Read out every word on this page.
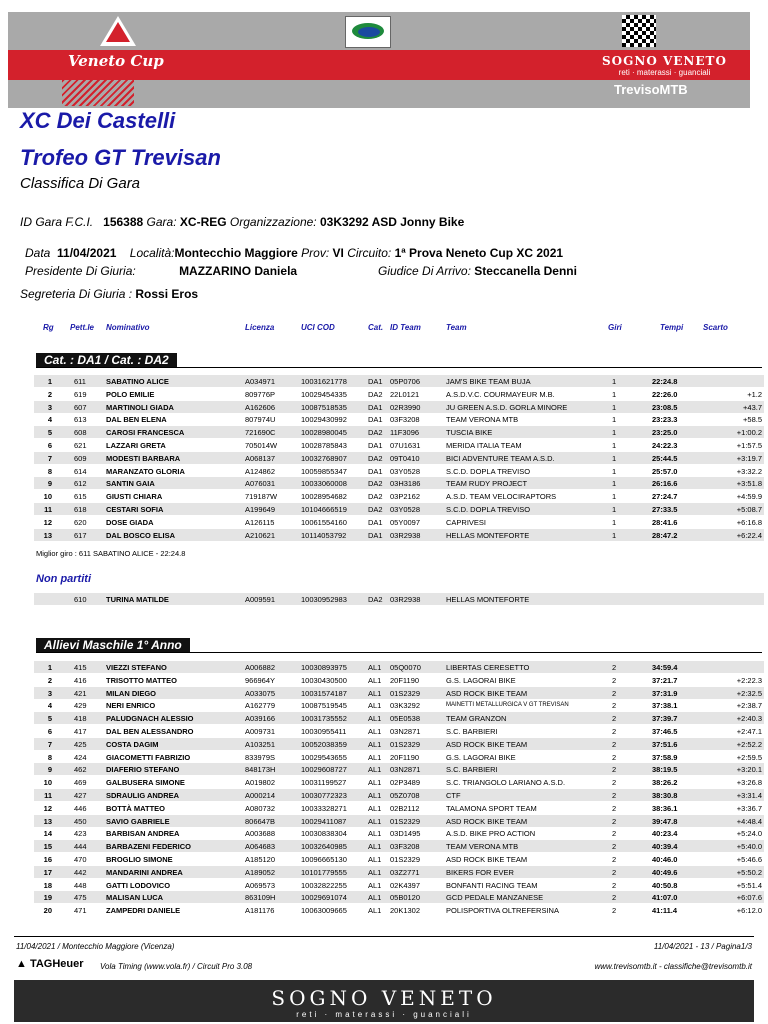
Veneto Cup	SOGNO VENETO
reti · materassi · guanciali
TrevisoMTB
XC Dei Castelli
Trofeo GT Trevisan
Classifica Di Gara
ID Gara F.C.I. 156388 Gara: XC-REG Organizzazione: 03K3292 ASD Jonny Bike
Data 11/04/2021 Località:Montecchio Maggiore Prov: VI Circuito: 1ª Prova Neneto Cup XC 2021
Presidente Di Giuria:	MAZZARINO Daniela	Giudice Di Arrivo: Steccanella Denni
Segreteria Di Giuria : Rossi Eros
Rg Pett.le Nominativo	Licenza	UCI COD	Cat. ID Team	Team	Giri	Tempi Scarto
Cat. : DA1 / Cat. : DA2
1	611	SABATINO ALICE	A034971	10031621778	DA1 05P0706	JAM'S BIKE TEAM BUJA	1	22:24.8
2	619	POLO EMILIE	809776P	10029454335	DA2 22L0121	A.S.D.V.C. COURMAYEUR M.B.	1	22:26.0	+1.2
3	607	MARTINOLI GIADA	A162606	10087518535	DA1 02R3990	JU GREEN A.S.D. GORLA MINORE	1	23:08.5	+43.7
4	613	DAL BEN ELENA	807974U	10029430992	DA1 03F3208	TEAM VERONA MTB	1	23:23.3	+58.5
5	608	CAROSI FRANCESCA	721690C	10028980045	DA2 11F3096	TUSCIA BIKE	1	23:25.0	+1:00.2
6	621	LAZZARI GRETA	705014W	10028785843	DA1 07U1631	MERIDA ITALIA TEAM	1	24:22.3	+1:57.5
7	609	MODESTI BARBARA	A068137	10032768907	DA2 09T0410	BICI ADVENTURE TEAM A.S.D.	1	25:44.5	+3:19.7
8	614	MARANZATO GLORIA	A124862	10059855347	DA1 03Y0528	S.C.D. DOPLA TREVISO	1	25:57.0	+3:32.2
9	612	SANTIN GAIA	A076031	10033060008	DA2 03H3186	TEAM RUDY PROJECT	1	26:16.6	+3:51.8
10	615	GIUSTI CHIARA	719187W	10028954682	DA2 03P2162	A.S.D. TEAM VELOCIRAPTORS	1	27:24.7	+4:59.9
11	618	CESTARI SOFIA	A199649	10104666519	DA2 03Y0528	S.C.D. DOPLA TREVISO	1	27:33.5	+5:08.7
12	620	DOSE GIADA	A126115	10061554160	DA1 05Y0097	CAPRIVESI	1	28:41.6	+6:16.8
13	617	DAL BOSCO ELISA	A210621	10114053792	DA1 03R2938	HELLAS MONTEFORTE	1	28:47.2	+6:22.4
Miglior giro : 611 SABATINO ALICE - 22:24.8
Non partiti
610	TURINA MATILDE	A009591	10030952983	DA2 03R2938	HELLAS MONTEFORTE
Allievi Maschile 1° Anno
1	415	VIEZZI STEFANO	A006882	10030893975	AL1 05Q0070	LIBERTAS CERESETTO	2	34:59.4
2	416	TRISOTTO MATTEO	966964Y	10030430500	AL1 20F1190	G.S. LAGORAI BIKE	2	37:21.7	+2:22.3
3	421	MILAN DIEGO	A033075	10031574187	AL1 01S2329	ASD ROCK BIKE TEAM	2	37:31.9	+2:32.5
4	429	NERI ENRICO	A162779	10087519545	AL1 03K3292	MAINETTI METALLURGICA V GT TREVISAN	2	37:38.1	+2:38.7
5	418	PALUDGNACH ALESSIO	A039166	10031735552	AL1 05E0538	TEAM GRANZON	2	37:39.7	+2:40.3
6	417	DAL BEN ALESSANDRO	A009731	10030955411	AL1 03N2871	S.C. BARBIERI	2	37:46.5	+2:47.1
7	425	COSTA DAGIM	A103251	10052038359	AL1 01S2329	ASD ROCK BIKE TEAM	2	37:51.6	+2:52.2
8	424	GIACOMETTI FABRIZIO	833979S	10029543655	AL1 20F1190	G.S. LAGORAI BIKE	2	37:58.9	+2:59.5
9	462	DIAFERIO STEFANO	848173H	10029608727	AL1 03N2871	S.C. BARBIERI	2	38:19.5	+3:20.1
10	469	GALBUSERA SIMONE	A019802	10031199527	AL1 02P3489	S.C. TRIANGOLO LARIANO A.S.D.	2	38:26.2	+3:26.8
11	427	SDRAULIG ANDREA	A000214	10030772323	AL1 05Z0708	CTF	2	38:30.8	+3:31.4
12	446	BOTTÀ MATTEO	A080732	10033328271	AL1 02B2112	TALAMONA SPORT TEAM	2	38:36.1	+3:36.7
13	450	SAVIO GABRIELE	806647B	10029411087	AL1 01S2329	ASD ROCK BIKE TEAM	2	39:47.8	+4:48.4
14	423	BARBISAN ANDREA	A003688	10030838304	AL1 03D1495	A.S.D. BIKE PRO ACTION	2	40:23.4	+5:24.0
15	444	BARBAZENI FEDERICO	A064683	10032640985	AL1 03F3208	TEAM VERONA MTB	2	40:39.4	+5:40.0
16	470	BROGLIO SIMONE	A185120	10096665130	AL1 01S2329	ASD ROCK BIKE TEAM	2	40:46.0	+5:46.6
17	442	MANDARINI ANDREA	A189052	10101779555	AL1 03Z2771	BIKERS FOR EVER	2	40:49.6	+5:50.2
18	448	GATTI LODOVICO	A069573	10032822255	AL1 02K4397	BONFANTI RACING TEAM	2	40:50.8	+5:51.4
19	475	MALISAN LUCA	863109H	10029691074	AL1 05B0120	GCD PEDALE MANZANESE	2	41:07.0	+6:07.6
20	471	ZAMPEDRI DANIELE	A181176	10063009665	AL1 20K1302	POLISPORTIVA OLTREFERSINA	2	41:11.4	+6:12.0
11/04/2021 / Montecchio Maggiore (Vicenza)	11/04/2021 - 13 / Pagina1/3
▲ TAGHeuer Vola Timing (www.vola.fr) / Circuit Pro 3.08	www.trevisomtb.it - classifiche@trevisomtb.it
SOGNO VENETO
reti · materassi · guanciali
